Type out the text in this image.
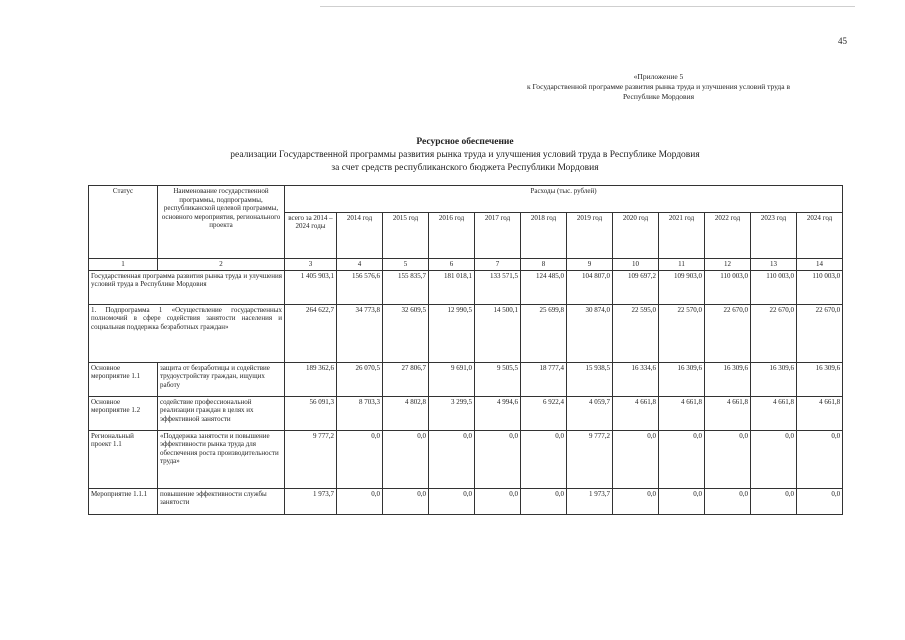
45
«Приложение 5
к Государственной программе развития рынка труда и улучшения условий труда в
Республике Мордовия
Ресурсное обеспечение
реализации Государственной программы развития рынка труда и улучшения условий труда в Республике Мордовия
за счет средств республиканского бюджета Республики Мордовия
Статус	Наименование государственной программы, подпрограммы, республиканской целевой программы, основного мероприятия, регионального проекта	Расходы (тыс. рублей)											
		всего за 2014 – 2024 годы	2014 год	2015 год	2016 год	2017 год	2018 год	2019 год	2020 год	2021 год	2022 год	2023 год	2024 год
1	2	3	4	5	6	7	8	9	10	11	12	13	14
Государственная программа развития рынка труда и улучшения условий труда в Республике Мордовия		1 405 903,1	156 576,6	155 835,7	181 018,1	133 571,5	124 485,0	104 807,0	109 697,2	109 903,0	110 003,0	110 003,0	110 003,0
1. Подпрограмма 1 «Осуществление государственных полномочий в сфере содействия занятости населения и социальная поддержка безработных граждан»		264 622,7	34 773,8	32 609,5	12 990,5	14 500,1	25 699,8	30 874,0	22 595,0	22 570,0	22 670,0	22 670,0	22 670,0
Основное мероприятие 1.1	защита от безработицы и содействие трудоустройству граждан, ищущих работу	189 362,6	26 070,5	27 806,7	9 691,0	9 505,5	18 777,4	15 938,5	16 334,6	16 309,6	16 309,6	16 309,6	16 309,6
Основное мероприятие 1.2	содействие профессиональной реализации граждан в целях их эффективной занятости	56 091,3	8 703,3	4 802,8	3 299,5	4 994,6	6 922,4	4 059,7	4 661,8	4 661,8	4 661,8	4 661,8	4 661,8
Региональный проект 1.1	«Поддержка занятости и повышение эффективности рынка труда для обеспечения роста производительности труда»	9 777,2	0,0	0,0	0,0	0,0	0,0	9 777,2	0,0	0,0	0,0	0,0	0,0
Мероприятие 1.1.1	повышение эффективности службы занятости	1 973,7	0,0	0,0	0,0	0,0	0,0	1 973,7	0,0	0,0	0,0	0,0	0,0
